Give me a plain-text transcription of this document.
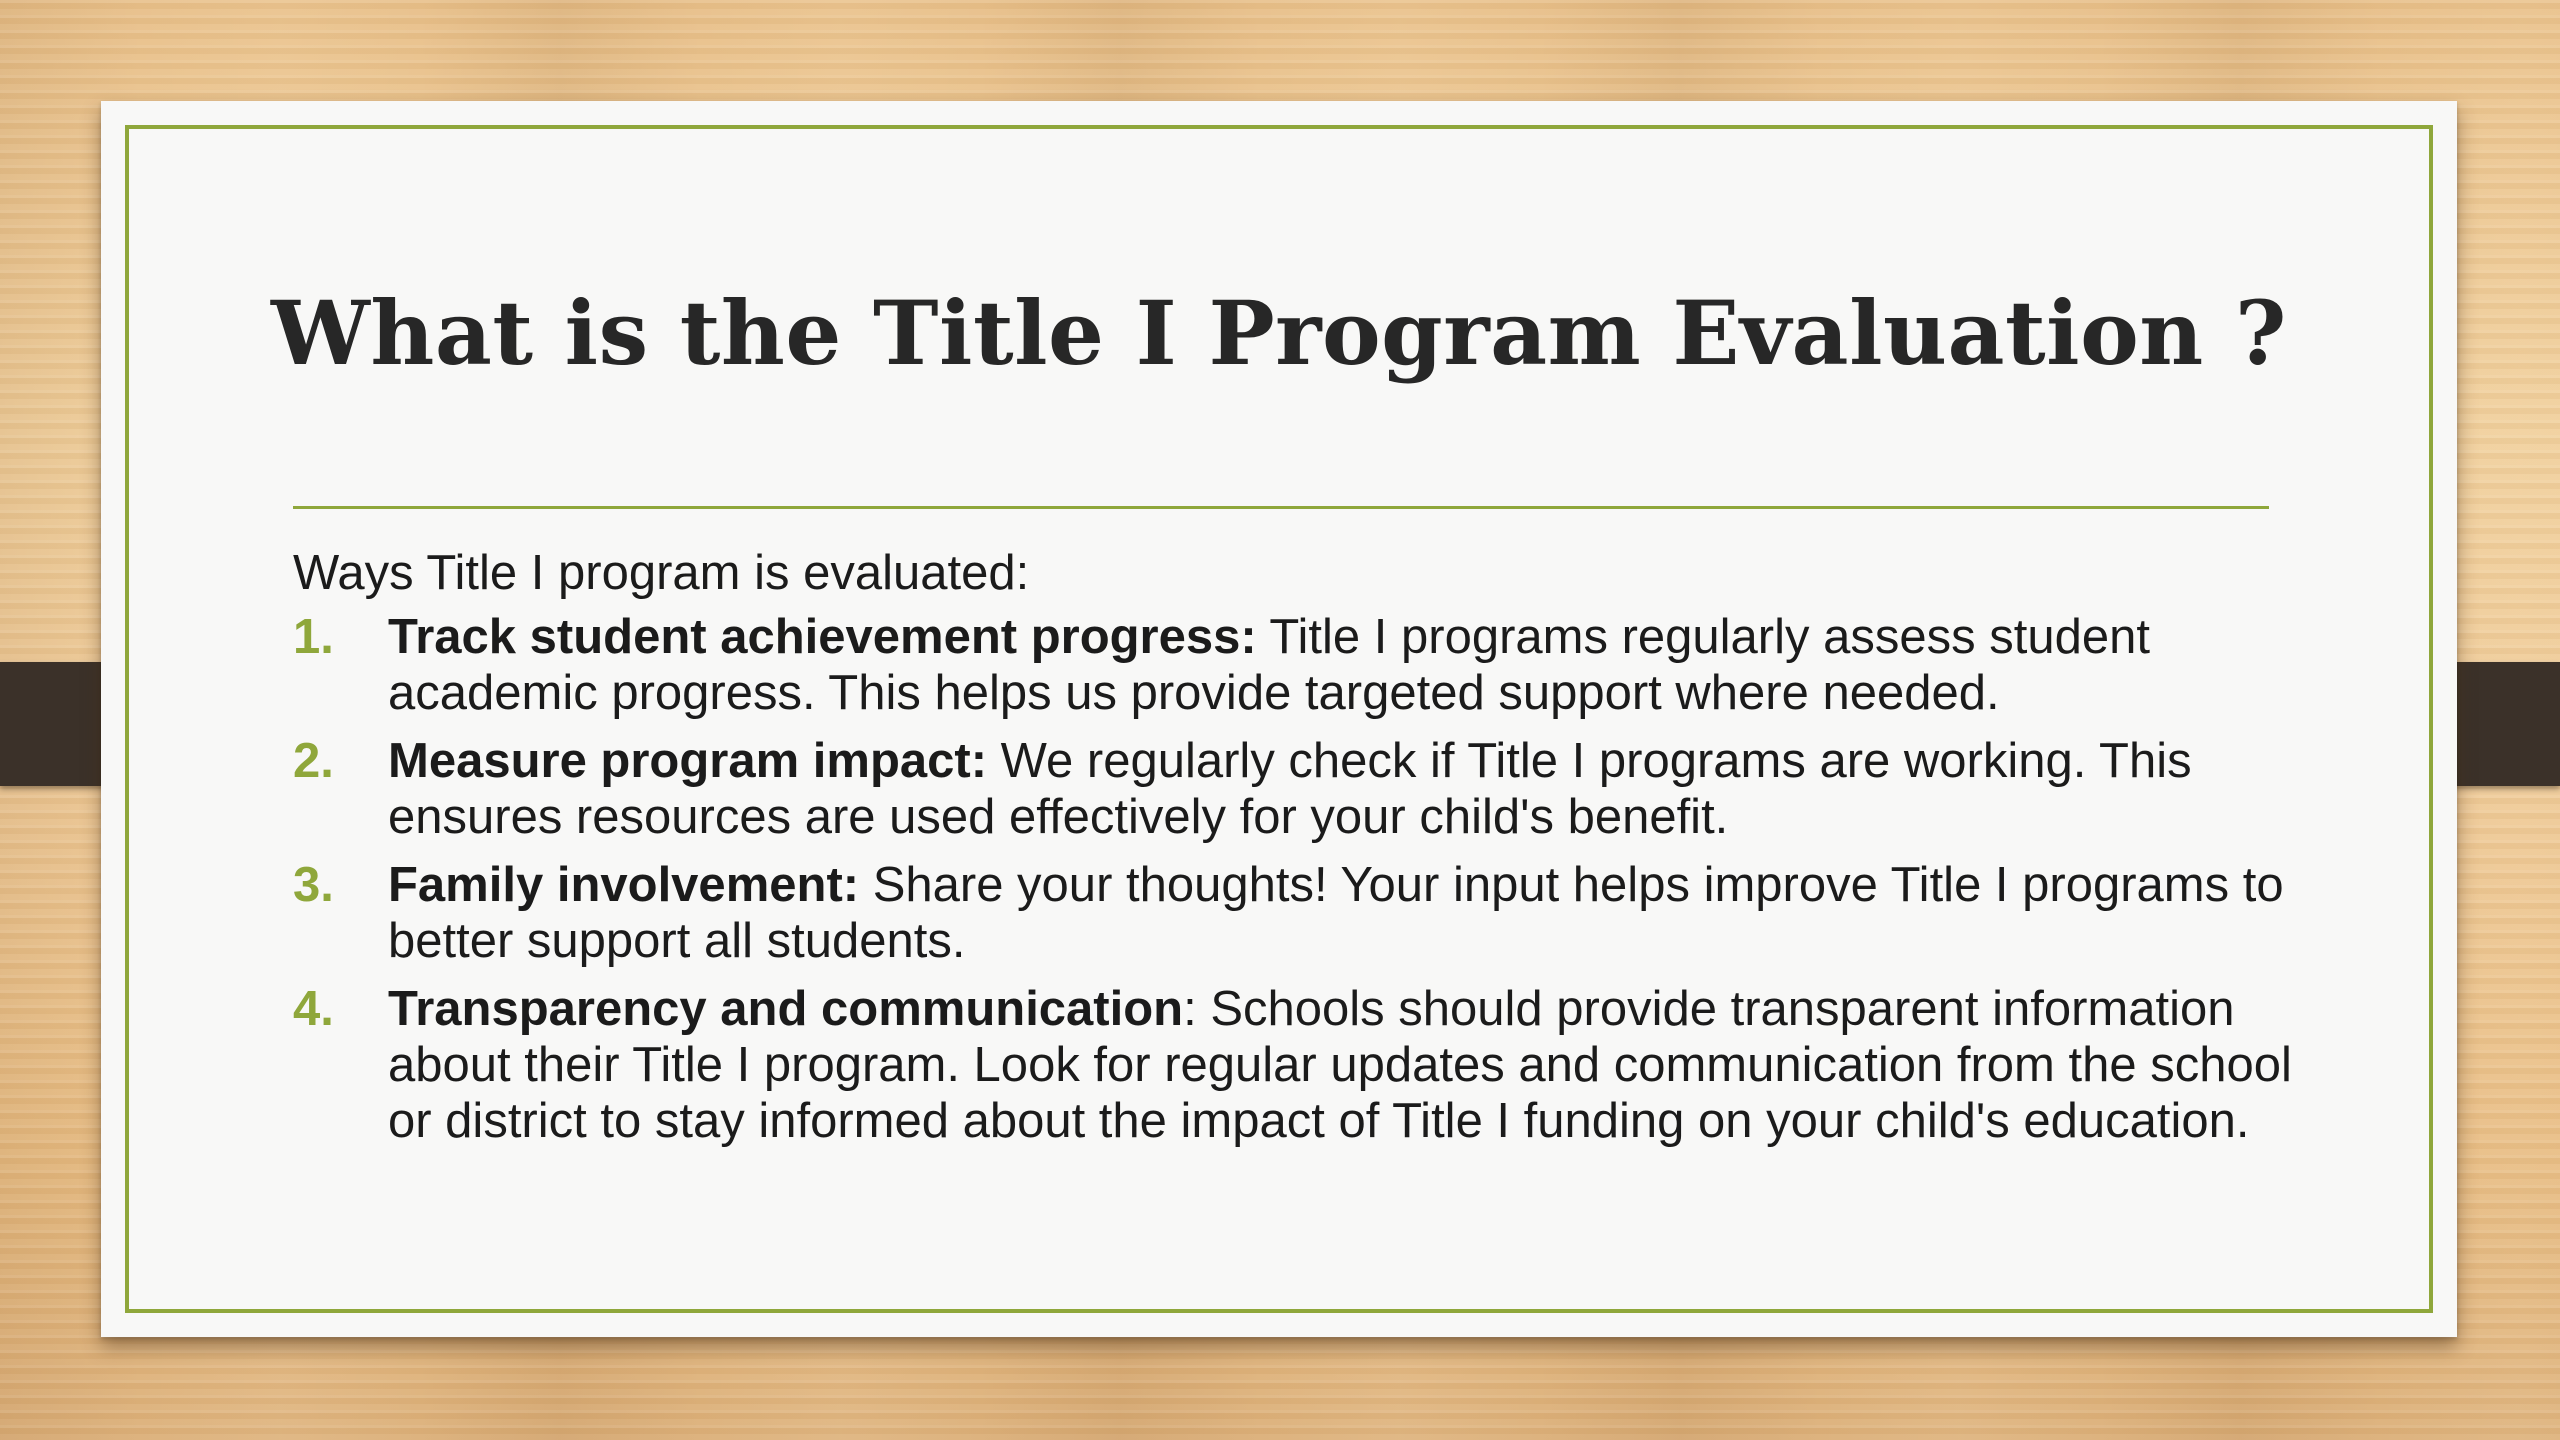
What is the Title I Program Evaluation ?

Ways Title I program is evaluated:

1. Track student achievement progress: Title I programs regularly assess student academic progress. This helps us provide targeted support where needed.
2. Measure program impact: We regularly check if Title I programs are working. This ensures resources are used effectively for your child's benefit.
3. Family involvement: Share your thoughts! Your input helps improve Title I programs to better support all students.
4. Transparency and communication: Schools should provide transparent information about their Title I program. Look for regular updates and communication from the school or district to stay informed about the impact of Title I funding on your child's education.
